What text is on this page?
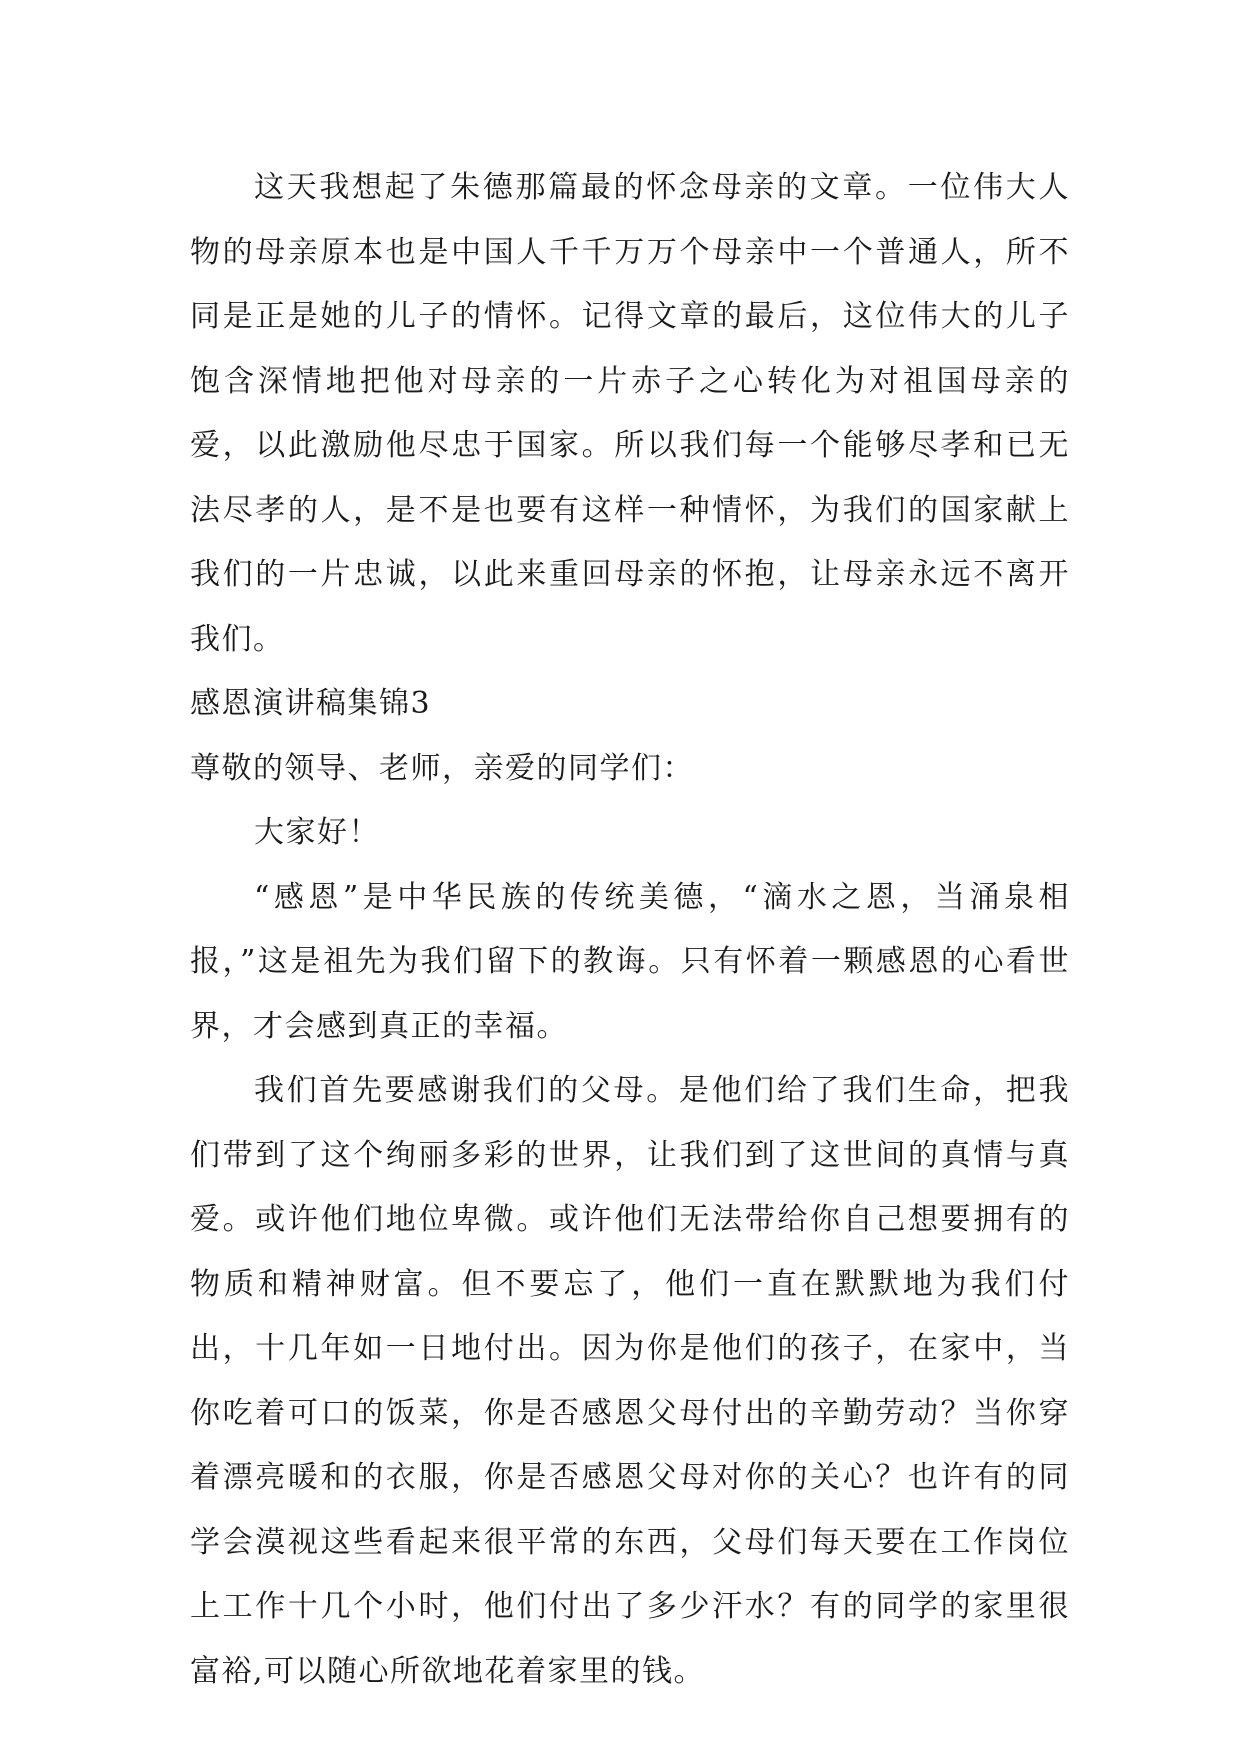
这天我想起了朱德那篇最的怀念母亲的文章。一位伟大人物的母亲原本也是中国人千千万万个母亲中一个普通人，所不同是正是她的儿子的情怀。记得文章的最后，这位伟大的儿子饱含深情地把他对母亲的一片赤子之心转化为对祖国母亲的爱，以此激励他尽忠于国家。所以我们每一个能够尽孝和已无法尽孝的人，是不是也要有这样一种情怀，为我们的国家献上我们的一片忠诚，以此来重回母亲的怀抱，让母亲永远不离开我们。

感恩演讲稿集锦3

尊敬的领导、老师，亲爱的同学们：

大家好！

“感恩”是中华民族的传统美德，“滴水之恩，当涌泉相报，”这是祖先为我们留下的教诲。只有怀着一颗感恩的心看世界，才会感到真正的幸福。

我们首先要感谢我们的父母。是他们给了我们生命，把我们带到了这个绚丽多彩的世界，让我们到了这世间的真情与真爱。或许他们地位卑微。或许他们无法带给你自己想要拥有的物质和精神财富。但不要忘了，他们一直在默默地为我们付出，十几年如一日地付出。因为你是他们的孩子，在家中，当你吃着可口的饭菜，你是否感恩父母付出的辛勤劳动？当你穿着漂亮暖和的衣服，你是否感恩父母对你的关心？也许有的同学会漠视这些看起来很平常的东西，父母们每天要在工作岗位上工作十几个小时，他们付出了多少汗水？有的同学的家里很富裕,可以随心所欲地花着家里的钱。
